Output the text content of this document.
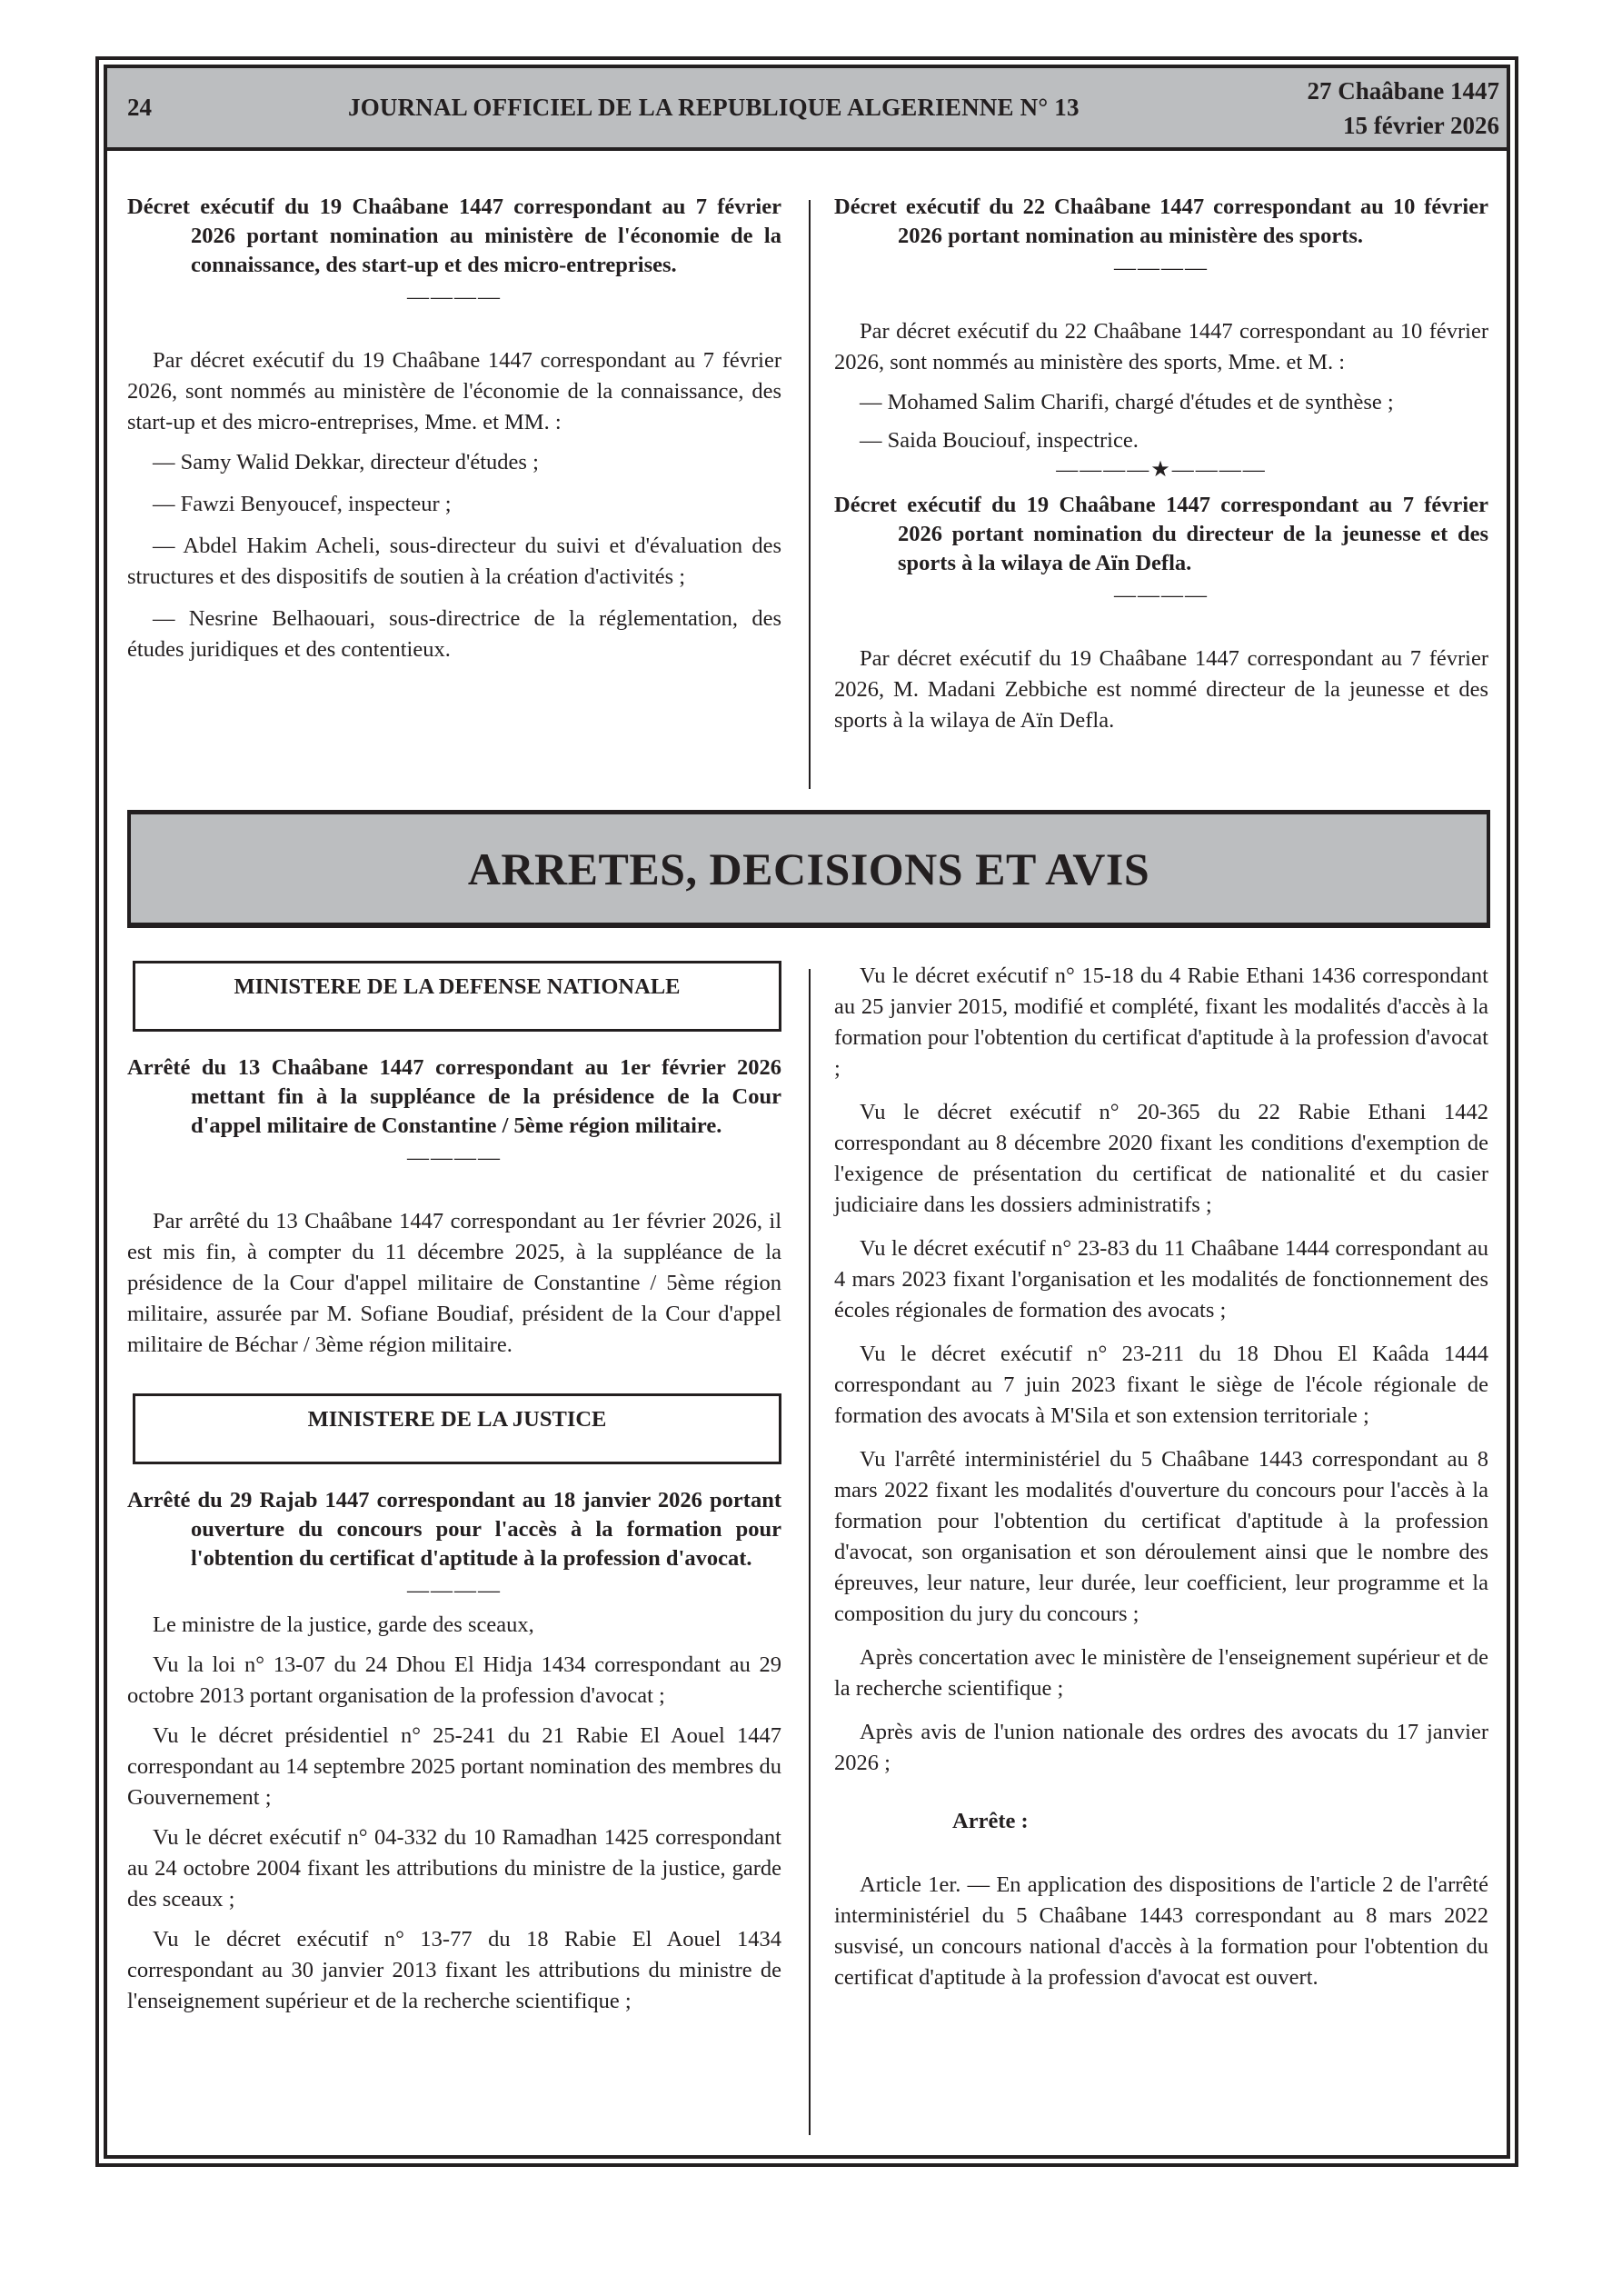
24	JOURNAL OFFICIEL DE LA REPUBLIQUE ALGERIENNE N° 13
27 Chaâbane 1447
15 février 2026

Décret exécutif du 19 Chaâbane 1447 correspondant au 7 février 2026 portant nomination au ministère de l'économie de la connaissance, des start-up et des micro-entreprises.

————

Par décret exécutif du 19 Chaâbane 1447 correspondant au 7 février 2026, sont nommés au ministère de l'économie de la connaissance, des start-up et des micro-entreprises, Mme. et MM. :

— Samy Walid Dekkar, directeur d'études ;

— Fawzi Benyoucef, inspecteur ;

— Abdel Hakim Acheli, sous-directeur du suivi et d'évaluation des structures et des dispositifs de soutien à la création d'activités ;

— Nesrine Belhaouari, sous-directrice de la réglementation, des études juridiques et des contentieux.

Décret exécutif du 22 Chaâbane 1447 correspondant au 10 février 2026 portant nomination au ministère des sports.

————

Par décret exécutif du 22 Chaâbane 1447 correspondant au 10 février 2026, sont nommés au ministère des sports, Mme. et M. :

— Mohamed Salim Charifi, chargé d'études et de synthèse ;

— Saida Bouciouf, inspectrice.

————★————

Décret exécutif du 19 Chaâbane 1447 correspondant au 7 février 2026 portant nomination du directeur de la jeunesse et des sports à la wilaya de Aïn Defla.

————

Par décret exécutif du 19 Chaâbane 1447 correspondant au 7 février 2026, M. Madani Zebbiche est nommé directeur de la jeunesse et des sports à la wilaya de Aïn Defla.

ARRETES, DECISIONS ET AVIS
MINISTERE DE LA DEFENSE NATIONALE

Arrêté du 13 Chaâbane 1447 correspondant au 1er février 2026 mettant fin à la suppléance de la présidence de la Cour d'appel militaire de Constantine / 5ème région militaire.

————

Par arrêté du 13 Chaâbane 1447 correspondant au 1er février 2026, il est mis fin, à compter du 11 décembre 2025, à la suppléance de la présidence de la Cour d'appel militaire de Constantine / 5ème région militaire, assurée par M. Sofiane Boudiaf, président de la Cour d'appel militaire de Béchar / 3ème région militaire.

MINISTERE DE LA JUSTICE

Arrêté du 29 Rajab 1447 correspondant au 18 janvier 2026 portant ouverture du concours pour l'accès à la formation pour l'obtention du certificat d'aptitude à la profession d'avocat.

————

Le ministre de la justice, garde des sceaux,

Vu la loi n° 13-07 du 24 Dhou El Hidja 1434 correspondant au 29 octobre 2013 portant organisation de la profession d'avocat ;

Vu le décret présidentiel n° 25-241 du 21 Rabie El Aouel 1447 correspondant au 14 septembre 2025 portant nomination des membres du Gouvernement ;

Vu le décret exécutif n° 04-332 du 10 Ramadhan 1425 correspondant au 24 octobre 2004 fixant les attributions du ministre de la justice, garde des sceaux ;

Vu le décret exécutif n° 13-77 du 18 Rabie El Aouel 1434 correspondant au 30 janvier 2013 fixant les attributions du ministre de l'enseignement supérieur et de la recherche scientifique ;

Vu le décret exécutif n° 15-18 du 4 Rabie Ethani 1436 correspondant au 25 janvier 2015, modifié et complété, fixant les modalités d'accès à la formation pour l'obtention du certificat d'aptitude à la profession d'avocat ;

Vu le décret exécutif n° 20-365 du 22 Rabie Ethani 1442 correspondant au 8 décembre 2020 fixant les conditions d'exemption de l'exigence de présentation du certificat de nationalité et du casier judiciaire dans les dossiers administratifs ;

Vu le décret exécutif n° 23-83 du 11 Chaâbane 1444 correspondant au 4 mars 2023 fixant l'organisation et les modalités de fonctionnement des écoles régionales de formation des avocats ;

Vu le décret exécutif n° 23-211 du 18 Dhou El Kaâda 1444 correspondant au 7 juin 2023 fixant le siège de l'école régionale de formation des avocats à M'Sila et son extension territoriale ;

Vu l'arrêté interministériel du 5 Chaâbane 1443 correspondant au 8 mars 2022 fixant les modalités d'ouverture du concours pour l'accès à la formation pour l'obtention du certificat d'aptitude à la profession d'avocat, son organisation et son déroulement ainsi que le nombre des épreuves, leur nature, leur durée, leur coefficient, leur programme et la composition du jury du concours ;

Après concertation avec le ministère de l'enseignement supérieur et de la recherche scientifique ;

Après avis de l'union nationale des ordres des avocats du 17 janvier 2026 ;

Arrête :

Article 1er. — En application des dispositions de l'article 2 de l'arrêté interministériel du 5 Chaâbane 1443 correspondant au 8 mars 2022 susvisé, un concours national d'accès à la formation pour l'obtention du certificat d'aptitude à la profession d'avocat est ouvert.
